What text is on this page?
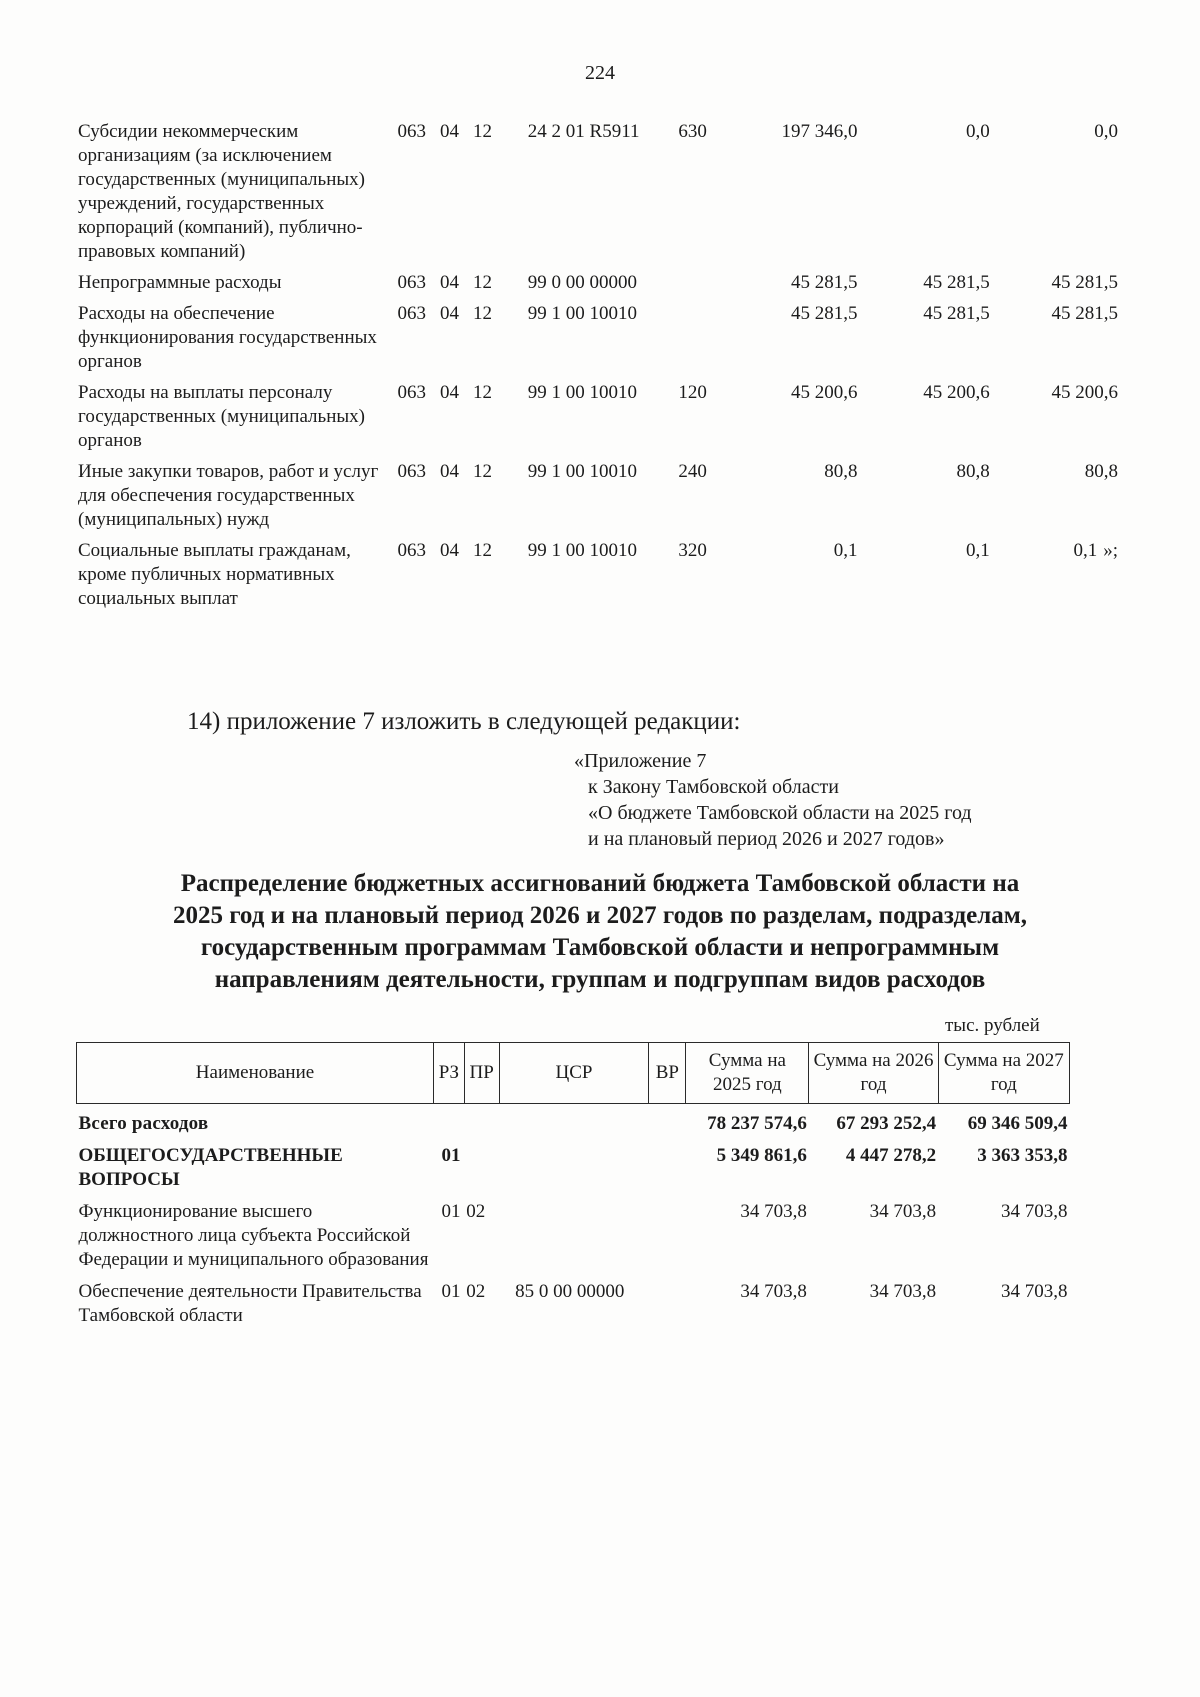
224
Субсидии некоммерческим организациям (за исключением государственных (муниципальных) учреждений, государственных корпораций (компаний), публично-правовых компаний)	063 04 12	24 2 01 R5911	630	197 346,0	0,0	0,0
Непрограммные расходы	063 04 12	99 0 00 00000		45 281,5	45 281,5	45 281,5
Расходы на обеспечение функционирования государственных органов	063 04 12	99 1 00 10010		45 281,5	45 281,5	45 281,5
Расходы на выплаты персоналу государственных (муниципальных) органов	063 04 12	99 1 00 10010	120	45 200,6	45 200,6	45 200,6
Иные закупки товаров, работ и услуг для обеспечения государственных (муниципальных) нужд	063 04 12	99 1 00 10010	240	80,8	80,8	80,8
Социальные выплаты гражданам, кроме публичных нормативных социальных выплат	063 04 12	99 1 00 10010	320	0,1	0,1	0,1 »;
14) приложение 7 изложить в следующей редакции:
«Приложение 7
к Закону Тамбовской области
«О бюджете Тамбовской области на 2025 год
и на плановый период 2026 и 2027 годов»
Распределение бюджетных ассигнований бюджета Тамбовской области на
2025 год и на плановый период 2026 и 2027 годов по разделам, подразделам,
государственным программам Тамбовской области и непрограммным
направлениям деятельности, группам и подгруппам видов расходов
тыс. рублей
Наименование	РЗ	ПР	ЦСР	ВР	Сумма на 2025 год	Сумма на 2026 год	Сумма на 2027 год
Всего расходов					78 237 574,6	67 293 252,4	69 346 509,4
ОБЩЕГОСУДАРСТВЕННЫЕ ВОПРОСЫ	01				5 349 861,6	4 447 278,2	3 363 353,8
Функционирование высшего должностного лица субъекта Российской Федерации и муниципального образования	01	02			34 703,8	34 703,8	34 703,8
Обеспечение деятельности Правительства Тамбовской области	01	02	85 0 00 00000		34 703,8	34 703,8	34 703,8
